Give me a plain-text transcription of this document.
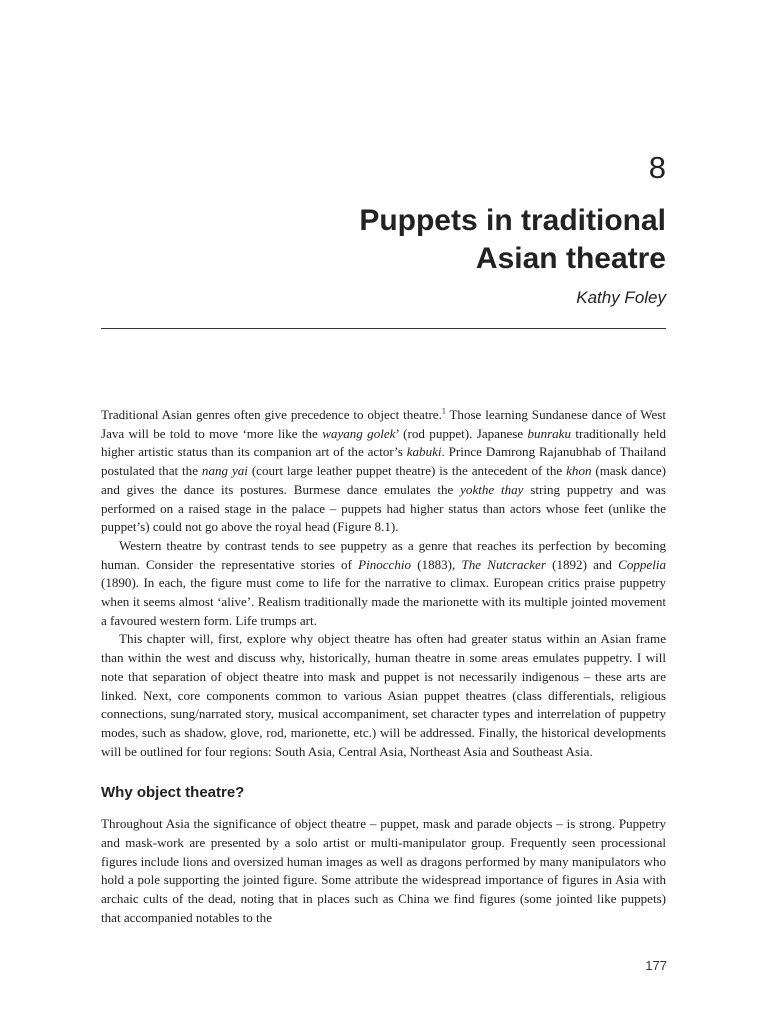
8
Puppets in traditional
Asian theatre
Kathy Foley

Traditional Asian genres often give precedence to object theatre.$^1$ Those learning Sundanese dance of West Java will be told to move ‘more like the wayang golek’ (rod puppet). Japanese bunraku traditionally held higher artistic status than its companion art of the actor’s kabuki. Prince Damrong Rajanubhab of Thailand postulated that the nang yai (court large leather puppet theatre) is the antecedent of the khon (mask dance) and gives the dance its postures. Burmese dance emulates the yokthe thay string puppetry and was performed on a raised stage in the palace – puppets had higher status than actors whose feet (unlike the puppet’s) could not go above the royal head (Figure 8.1).

Western theatre by contrast tends to see puppetry as a genre that reaches its perfection by becoming human. Consider the representative stories of Pinocchio (1883), The Nutcracker (1892) and Coppelia (1890). In each, the figure must come to life for the narrative to climax. European critics praise puppetry when it seems almost ‘alive’. Realism traditionally made the marionette with its multiple jointed movement a favoured western form. Life trumps art.

This chapter will, first, explore why object theatre has often had greater status within an Asian frame than within the west and discuss why, historically, human theatre in some areas emulates puppetry. I will note that separation of object theatre into mask and puppet is not necessarily indigenous – these arts are linked. Next, core components common to various Asian puppet theatres (class differentials, religious connections, sung/narrated story, musical accompaniment, set character types and interrelation of puppetry modes, such as shadow, glove, rod, marionette, etc.) will be addressed. Finally, the historical developments will be outlined for four regions: South Asia, Central Asia, Northeast Asia and Southeast Asia.

Why object theatre?

Throughout Asia the significance of object theatre – puppet, mask and parade objects – is strong. Puppetry and mask-work are presented by a solo artist or multi-manipulator group. Frequently seen processional figures include lions and oversized human images as well as dragons performed by many manipulators who hold a pole supporting the jointed figure. Some attribute the widespread importance of figures in Asia with archaic cults of the dead, noting that in places such as China we find figures (some jointed like puppets) that accompanied notables to the

177
